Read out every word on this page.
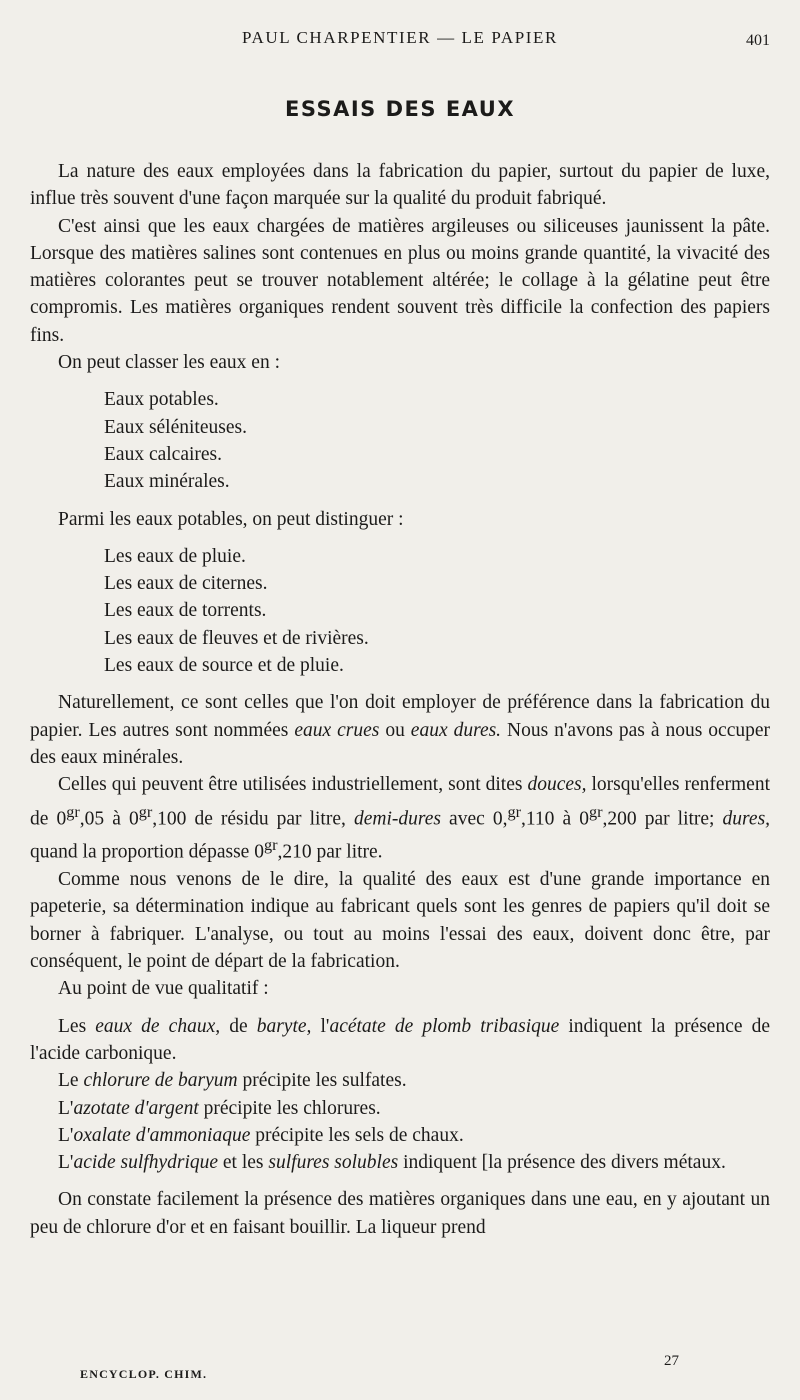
PAUL CHARPENTIER — LE PAPIER	401
ESSAIS DES EAUX

La nature des eaux employées dans la fabrication du papier, surtout du papier de luxe, influe très souvent d'une façon marquée sur la qualité du produit fabriqué.

C'est ainsi que les eaux chargées de matières argileuses ou siliceuses jaunissent la pâte. Lorsque des matières salines sont contenues en plus ou moins grande quantité, la vivacité des matières colorantes peut se trouver notablement altérée; le collage à la gélatine peut être compromis. Les matières organiques rendent souvent très difficile la confection des papiers fins.

On peut classer les eaux en :

Eaux potables.
Eaux séléniteuses.
Eaux calcaires.
Eaux minérales.

Parmi les eaux potables, on peut distinguer :

Les eaux de pluie.
Les eaux de citernes.
Les eaux de torrents.
Les eaux de fleuves et de rivières.
Les eaux de source et de pluie.

Naturellement, ce sont celles que l'on doit employer de préférence dans la fabrication du papier. Les autres sont nommées eaux crues ou eaux dures. Nous n'avons pas à nous occuper des eaux minérales.

Celles qui peuvent être utilisées industriellement, sont dites douces, lorsqu'elles renferment de $0^{gr},05$ à $0^{gr},100$ de résidu par litre, demi-dures avec 0,$^{gr}$,110 à $0^{gr},200$ par litre; dures, quand la proportion dépasse $0^{gr},210$ par litre.

Comme nous venons de le dire, la qualité des eaux est d'une grande importance en papeterie, sa détermination indique au fabricant quels sont les genres de papiers qu'il doit se borner à fabriquer. L'analyse, ou tout au moins l'essai des eaux, doivent donc être, par conséquent, le point de départ de la fabrication.

Au point de vue qualitatif :

Les eaux de chaux, de baryte, l'acétate de plomb tribasique indiquent la présence de l'acide carbonique.

Le chlorure de baryum précipite les sulfates.

L'azotate d'argent précipite les chlorures.

L'oxalate d'ammoniaque précipite les sels de chaux.

L'acide sulfhydrique et les sulfures solubles indiquent [la présence des divers métaux.

On constate facilement la présence des matières organiques dans une eau, en y ajoutant un peu de chlorure d'or et en faisant bouillir. La liqueur prend

ENCYCLOP. CHIM.
27
